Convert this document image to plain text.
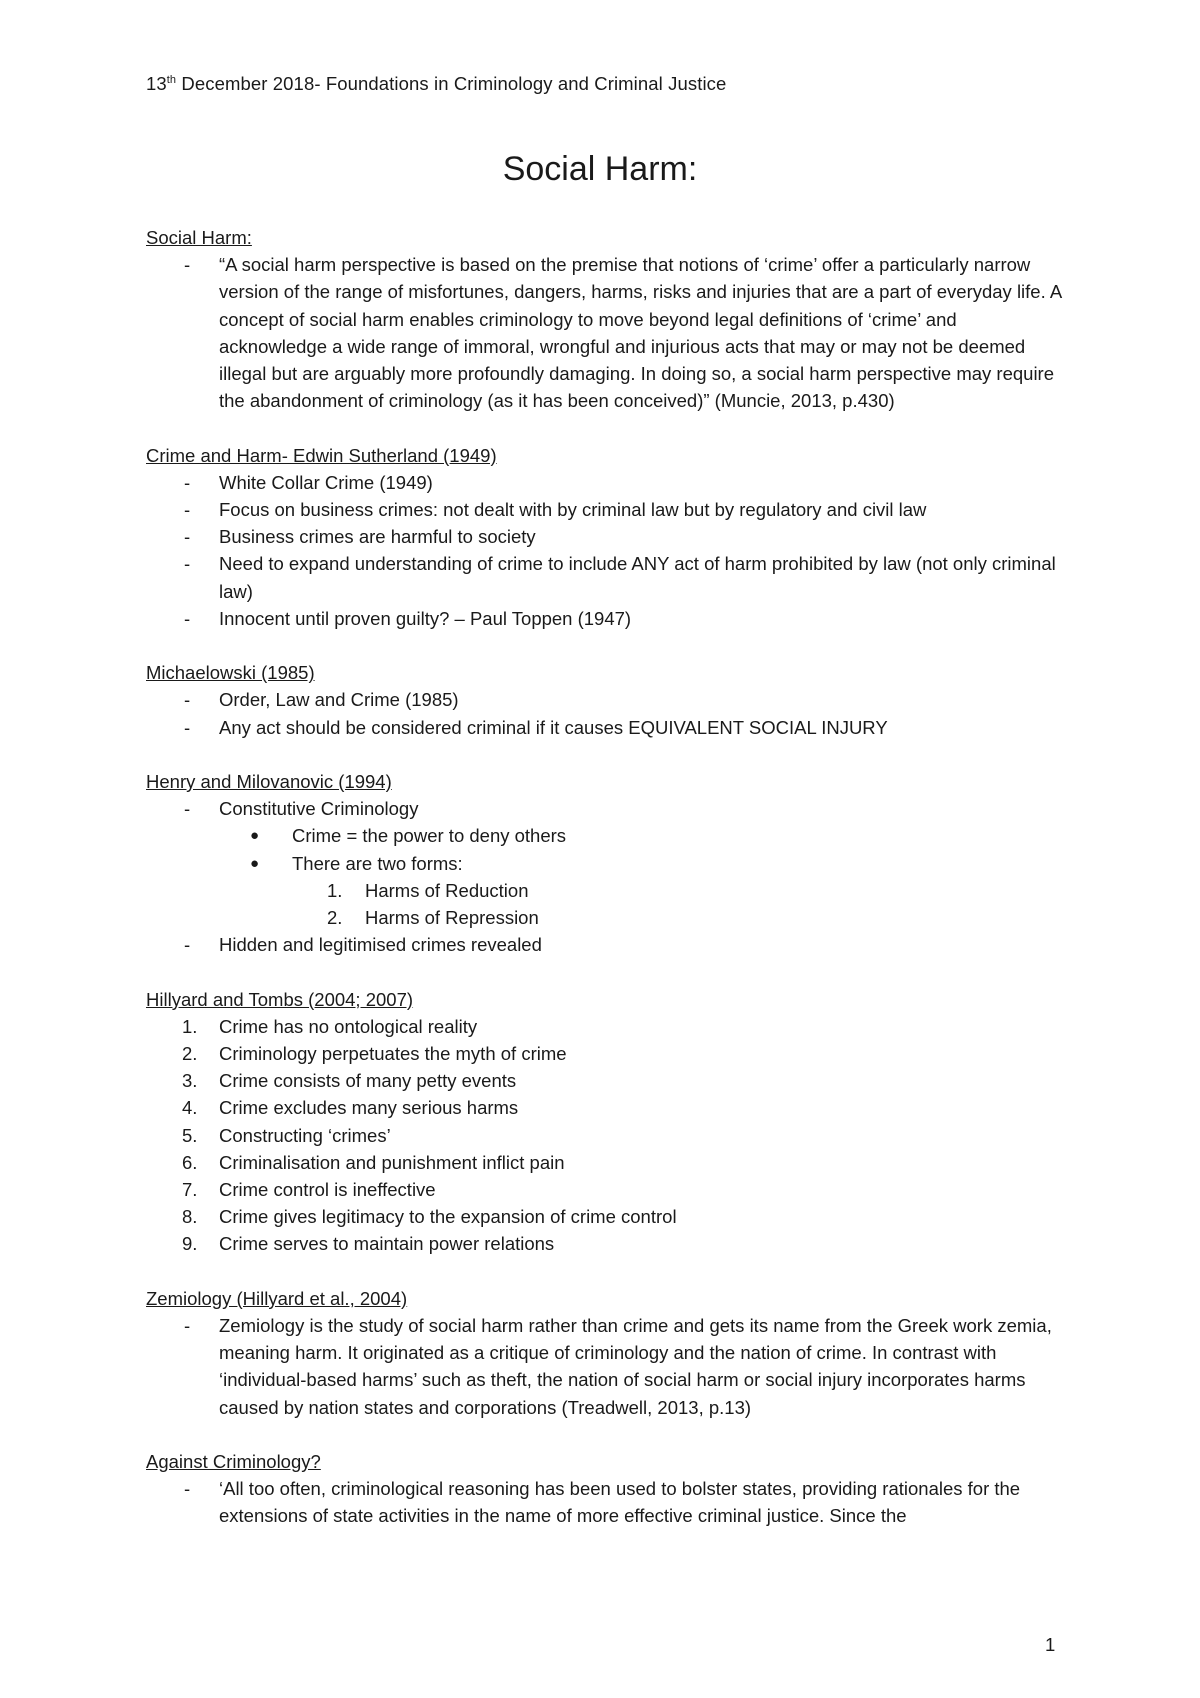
13th December 2018- Foundations in Criminology and Criminal Justice
Social Harm:
Social Harm:
- “A social harm perspective is based on the premise that notions of ‘crime’ offer a particularly narrow version of the range of misfortunes, dangers, harms, risks and injuries that are a part of everyday life. A concept of social harm enables criminology to move beyond legal definitions of ‘crime’ and acknowledge a wide range of immoral, wrongful and injurious acts that may or may not be deemed illegal but are arguably more profoundly damaging. In doing so, a social harm perspective may require the abandonment of criminology (as it has been conceived)” (Muncie, 2013, p.430)
Crime and Harm- Edwin Sutherland (1949)
- White Collar Crime (1949)
- Focus on business crimes: not dealt with by criminal law but by regulatory and civil law
- Business crimes are harmful to society
- Need to expand understanding of crime to include ANY act of harm prohibited by law (not only criminal law)
- Innocent until proven guilty? – Paul Toppen (1947)
Michaelowski (1985)
- Order, Law and Crime (1985)
- Any act should be considered criminal if it causes EQUIVALENT SOCIAL INJURY
Henry and Milovanovic (1994)
- Constitutive Criminology
● Crime = the power to deny others
● There are two forms:
1. Harms of Reduction
2. Harms of Repression
- Hidden and legitimised crimes revealed
Hillyard and Tombs (2004; 2007)
1. Crime has no ontological reality
2. Criminology perpetuates the myth of crime
3. Crime consists of many petty events
4. Crime excludes many serious harms
5. Constructing ‘crimes’
6. Criminalisation and punishment inflict pain
7. Crime control is ineffective
8. Crime gives legitimacy to the expansion of crime control
9. Crime serves to maintain power relations
Zemiology (Hillyard et al., 2004)
- Zemiology is the study of social harm rather than crime and gets its name from the Greek work zemia, meaning harm. It originated as a critique of criminology and the nation of crime. In contrast with ‘individual-based harms’ such as theft, the nation of social harm or social injury incorporates harms caused by nation states and corporations (Treadwell, 2013, p.13)
Against Criminology?
- ‘All too often, criminological reasoning has been used to bolster states, providing rationales for the extensions of state activities in the name of more effective criminal justice. Since the
1
